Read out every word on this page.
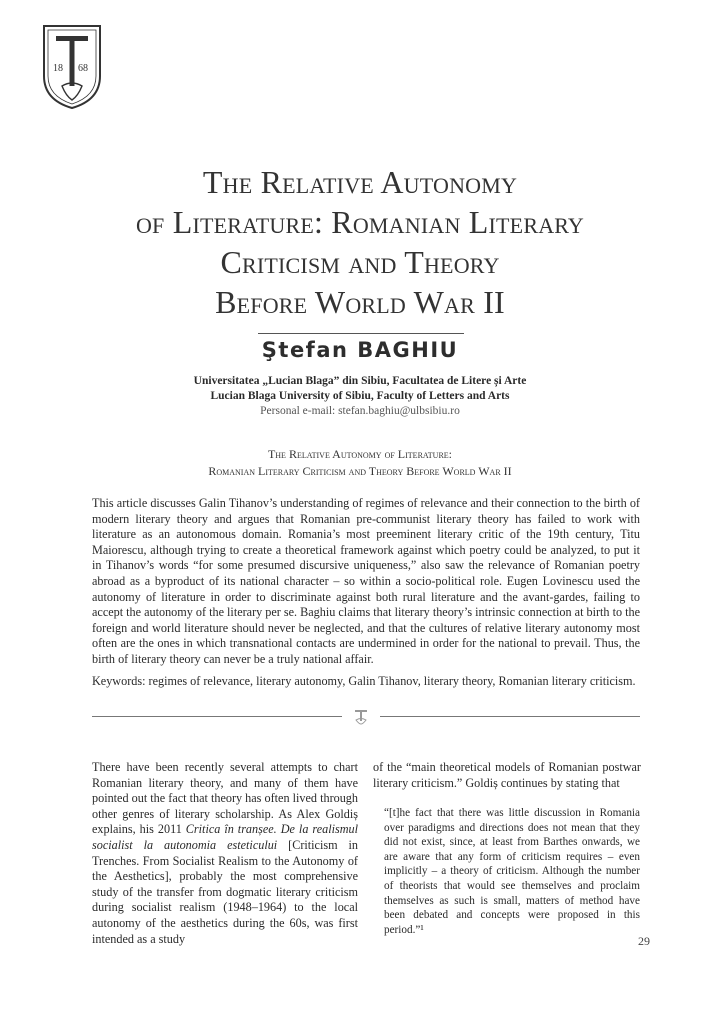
18 68
The Relative Autonomy
of Literature: Romanian Literary
Criticism and Theory
Before World War II
Ştefan BAGHIU
Universitatea „Lucian Blaga” din Sibiu, Facultatea de Litere și Arte
Lucian Blaga University of Sibiu, Faculty of Letters and Arts
Personal e-mail: stefan.baghiu@ulbsibiu.ro
The Relative Autonomy of Literature:
Romanian Literary Criticism and Theory Before World War II
This article discusses Galin Tihanov’s understanding of regimes of relevance and their connection to the birth of modern literary theory and argues that Romanian pre-communist literary theory has failed to work with literature as an autonomous domain. Romania’s most preeminent literary critic of the 19th century, Titu Maiorescu, although trying to create a theoretical framework against which poetry could be analyzed, to put it in Tihanov’s words “for some presumed discursive uniqueness,” also saw the relevance of Romanian poetry abroad as a byproduct of its national character – so within a socio-political role. Eugen Lovinescu used the autonomy of literature in order to discriminate against both rural literature and the avant-gardes, failing to accept the autonomy of the literary per se. Baghiu claims that literary theory’s intrinsic connection at birth to the foreign and world literature should never be neglected, and that the cultures of relative literary autonomy most often are the ones in which transnational contacts are undermined in order for the national to prevail. Thus, the birth of literary theory can never be a truly national affair.
Keywords: regimes of relevance, literary autonomy, Galin Tihanov, literary theory, Romanian literary criticism.
There have been recently several attempts to chart Romanian literary theory, and many of them have pointed out the fact that theory has often lived through other genres of literary scholarship. As Alex Goldiș explains, his 2011 Critica în tranșee. De la realismul socialist la autonomia esteticului [Criticism in Trenches. From Socialist Realism to the Autonomy of the Aesthetics], probably the most comprehensive study of the transfer from dogmatic literary criticism during socialist realism (1948–1964) to the local autonomy of the aesthetics during the 60s, was first intended as a study
of the “main theoretical models of Romanian postwar literary criticism.” Goldiș continues by stating that
“[t]he fact that there was little discussion in Romania over paradigms and directions does not mean that they did not exist, since, at least from Barthes onwards, we are aware that any form of criticism requires – even implicitly – a theory of criticism. Although the number of theorists that would see themselves and proclaim themselves as such is small, matters of method have been debated and concepts were proposed in this period.”¹
29
